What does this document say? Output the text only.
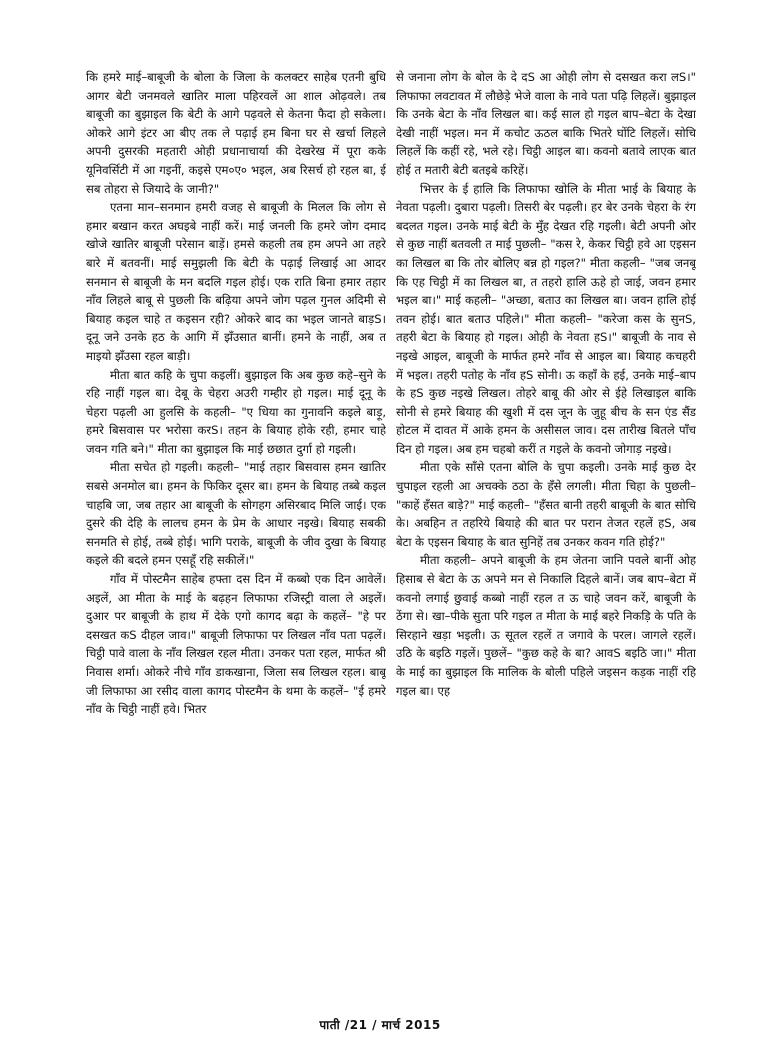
कि हमरे माई–बाबूजी के बोला के जिला के कलक्टर साहेब एतनी बुधि आगर बेटी जनमवले खातिर माला पहिरवलें आ शाल ओढ़वले। तब बाबूजी का बुझाइल कि बेटी के आगे पढ़वले से केतना फैदा हो सकेला। ओकरे आगे इंटर आ बीए तक ले पढ़ाई हम बिना घर से खर्चा लिहले अपनी दुसरकी महतारी ओही प्रधानाचार्या की देखरेख में पूरा कके यूनिवर्सिटी में आ गइनीं, कइसे एम०ए० भइल, अब रिसर्च हो रहल बा, ई सब तोहरा से जियादे के जानी?"

एतना मान–सनमान हमरी वजह से बाबूजी के मिलल कि लोग से हमार बखान करत अघइबे नाहीं करें। माई जनली कि हमरे जोग दमाद खोजे खातिर बाबूजी परेसान बाड़ें। हमसे कहली तब हम अपने आ तहरे बारे में बतवनीं। माई समुझली कि बेटी के पढ़ाई लिखाई आ आदर सनमान से बाबूजी के मन बदलि गइल होई। एक राति बिना हमार तहार नाँव लिहले बाबू से पुछली कि बढ़िया अपने जोग पढ़ल गुनल अदिमी से बियाह कइल चाहे त कइसन रही? ओकरे बाद का भइल जानते बाड़S। दूनू जने उनके हठ के आगि में झँउसात बानीं। हमने के नाहीं, अब त माइयो झँउसा रहल बाड़ी।

मीता बात कहि के चुपा कइलीं। बुझाइल कि अब कुछ कहे–सुने के रहि नाहीं गइल बा। देबू के चेहरा अउरी गम्हीर हो गइल। माई दूनू के चेहरा पढ़ली आ हुलसि के कहली– "ए धिया का गुनावनि कइले बाड़ू, हमरे बिसवास पर भरोसा करS। तहन के बियाह होके रही, हमार चाहे जवन गति बने।" मीता का बुझाइल कि माई छछात दुर्गा हो गइली।

मीता सचेत हो गइली। कहली– "माई तहार बिसवास हमन खातिर सबसे अनमोल बा। हमन के फिकिर दूसर बा। हमन के बियाह तब्बे कइल चाहबि जा, जब तहार आ बाबूजी के सोगहग असिरबाद मिलि जाई। एक दुसरे की देहि के लालच हमन के प्रेम के आधार नइखे। बियाह सबकी सनमति से होई, तब्बे होई। भागि पराके, बाबूजी के जीव दुखा के बियाह कइले की बदले हमन एसहूँ रहि सकीलें।"

गाँव में पोस्टमैन साहेब हफ्ता दस दिन में कब्बो एक दिन आवेलें। अइलें, आ मीता के माई के बढ़हन लिफाफा रजिस्ट्री वाला ले अइलें। दुआर पर बाबूजी के हाथ में देके एगो कागद बढ़ा के कहलें– "हे पर दसखत कS दीहल जाव।" बाबूजी लिफाफा पर लिखल नाँव पता पढ़लें। चिट्ठी पावे वाला के नाँव लिखल रहल मीता। उनकर पता रहल, मार्फत श्री निवास शर्मा। ओकरे नीचे गाँव डाकखाना, जिला सब लिखल रहल। बाबू जी लिफाफा आ रसीद वाला कागद पोस्टमैन के थमा के कहलें– "ई हमरे नाँव के चिट्ठी नाहीं हवे। भितर

से जनाना लोग के बोल के दे दS आ ओही लोग से दसखत करा लS।" लिफाफा लवटावत में लौछेड़े भेजे वाला के नावे पता पढ़ि लिहलें। बुझाइल कि उनके बेटा के नाँव लिखल बा। कई साल हो गइल बाप–बेटा के देखा देखी नाहीं भइल। मन में कचोट ऊठल बाकि भितरे घोंटि लिहलें। सोचि लिहलें कि कहीं रहे, भले रहे। चिट्ठी आइल बा। कवनो बतावे लाएक बात होई त मतारी बेटी बतइबे करिहें।

भित्तर के ई हालि कि लिफाफा खोलि के मीता भाई के बियाह के नेवता पढ़ली। दुबारा पढ़ली। तिसरी बेर पढ़ली। हर बेर उनके चेहरा के रंग बदलत गइल। उनके माई बेटी के मुँह देखत रहि गइली। बेटी अपनी ओर से कुछ नाहीं बतवली त माई पुछली– "कस रे, केकर चिट्ठी हवे आ एइसन का लिखल बा कि तोर बोलिए बन्न हो गइल?" मीता कहली– "जब जनबू कि एह चिट्ठी में का लिखल बा, त तहरो हालि ऊहे हो जाई, जवन हमार भइल बा।" माई कहली– "अच्छा, बताउ का लिखल बा। जवन हालि होई तवन होई। बात बताउ पहिले।" मीता कहली– "करेजा कस के सुनS, तहरी बेटा के बियाह हो गइल। ओही के नेवता हS।" बाबूजी के नाव से नइखे आइल, बाबूजी के मार्फत हमरे नाँव से आइल बा। बियाह कचहरी में भइल। तहरी पतोह के नाँव हS सोनी। ऊ कहाँ के हई, उनके माई–बाप के हS कुछ नइखे लिखल। तोहरे बाबू की ओर से ईहे लिखाइल बाकि सोनी से हमरे बियाह की खुशी में दस जून के जुहू बीच के सन एंड सैंड होटल में दावत में आके हमन के असीसल जाव। दस तारीख बितले पाँच दिन हो गइल। अब हम चहबो करीं त गइले के कवनो जोगाड़ नइखे।

मीता एके साँसे एतना बोलि के चुपा कइली। उनके माई कुछ देर चुपाइल रहली आ अचक्के ठठा के हँसे लगली। मीता चिहा के पुछली– "काहें हँसत बाड़े?" माई कहली– "हँसत बानी तहरी बाबूजी के बात सोचि के। अबहिन त तहरिये बियाहे की बात पर परान तेजत रहलें हS, अब बेटा के एइसन बियाह के बात सुनिहें तब उनकर कवन गति होई?"

मीता कहली– अपने बाबूजी के हम जेतना जानि पवले बानीं ओह हिसाब से बेटा के ऊ अपने मन से निकालि दिहले बानें। जब बाप–बेटा में कवनो लगाई छुवाई कब्बो नाहीं रहल त ऊ चाहे जवन करें, बाबूजी के ठेंगा से। खा–पीके सुता परि गइल त मीता के माई बहरे निकड़ि के पति के सिरहाने खड़ा भइली। ऊ सूतल रहलें त जगावे के परल। जागले रहलें। उठि के बइठि गइलें। पुछलें– "कुछ कहे के बा? आवS बइठि जा।" मीता के माई का बुझाइल कि मालिक के बोली पहिले जइसन कड़क नाहीं रहि गइल बा। एह

पाती /21 / मार्च 2015
